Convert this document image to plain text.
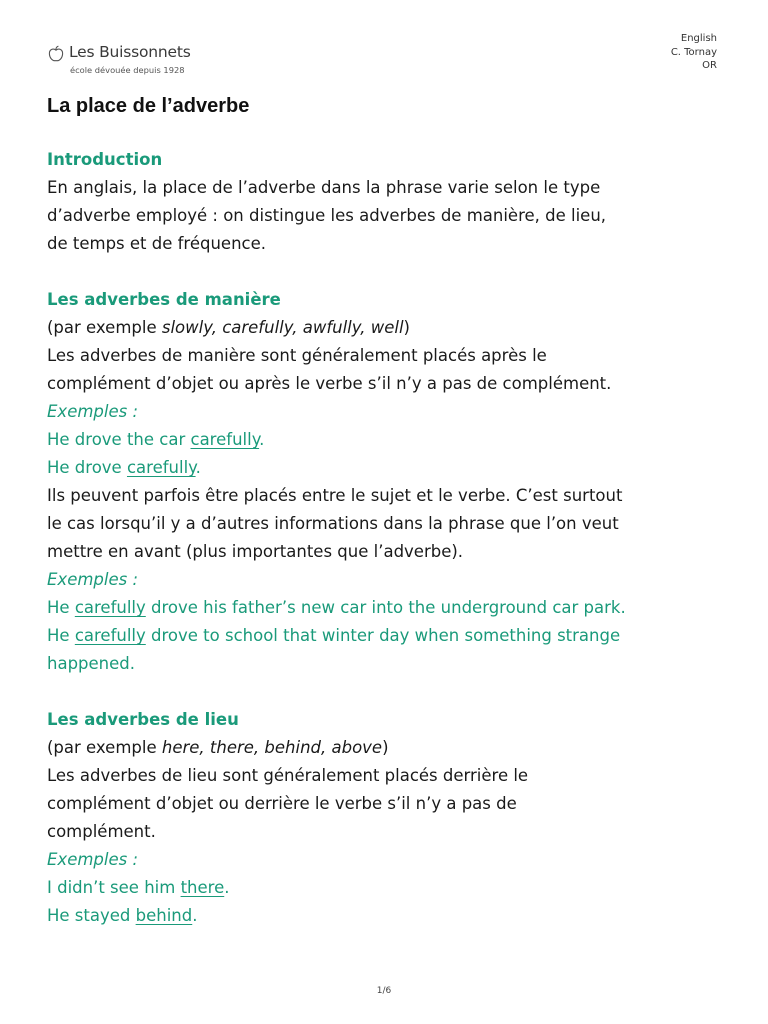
Les Buissonnets
école dévouée depuis 1928
English
C. Tornay
OR
La place de l’adverbe
Introduction
En anglais, la place de l’adverbe dans la phrase varie selon le type
d’adverbe employé : on distingue les adverbes de manière, de lieu,
de temps et de fréquence.
Les adverbes de manière
(par exemple slowly, carefully, awfully, well)
Les adverbes de manière sont généralement placés après le
complément d’objet ou après le verbe s’il n’y a pas de complément.
Exemples :
He drove the car carefully.
He drove carefully.
Ils peuvent parfois être placés entre le sujet et le verbe. C’est surtout
le cas lorsqu’il y a d’autres informations dans la phrase que l’on veut
mettre en avant (plus importantes que l’adverbe).
Exemples :
He carefully drove his father’s new car into the underground car park.
He carefully drove to school that winter day when something strange
happened.
Les adverbes de lieu
(par exemple here, there, behind, above)
Les adverbes de lieu sont généralement placés derrière le
complément d’objet ou derrière le verbe s’il n’y a pas de
complément.
Exemples :
I didn’t see him there.
He stayed behind.
1/6
